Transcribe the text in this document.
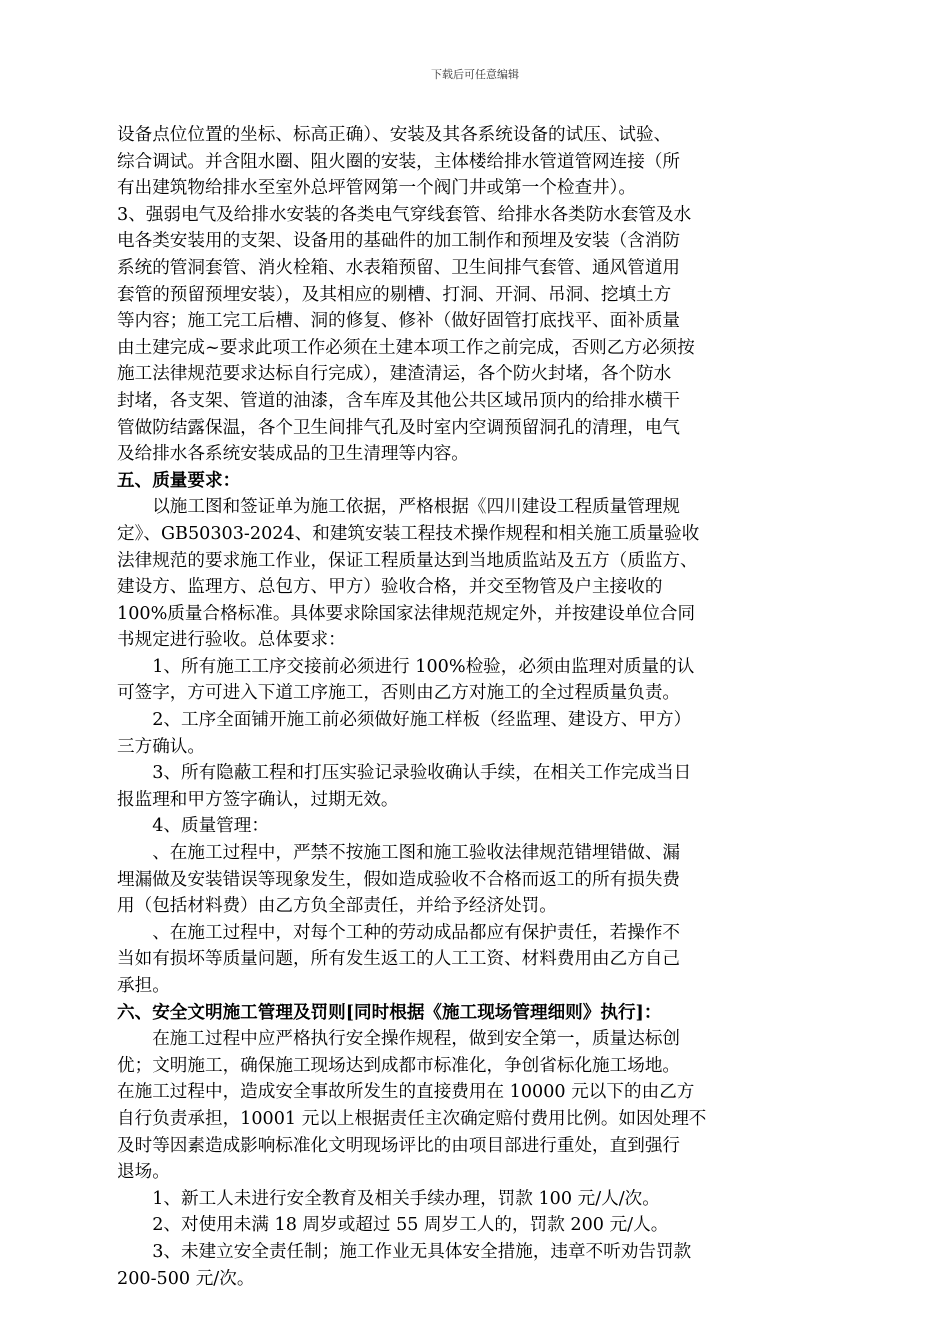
下载后可任意编辑
设备点位位置的坐标、标高正确）、安装及其各系统设备的试压、试验、
综合调试。并含阻水圈、阻火圈的安装，主体楼给排水管道管网连接（所
有出建筑物给排水至室外总坪管网第一个阀门井或第一个检查井）。
3、强弱电气及给排水安装的各类电气穿线套管、给排水各类防水套管及水
电各类安装用的支架、设备用的基础件的加工制作和预埋及安装（含消防
系统的管洞套管、消火栓箱、水表箱预留、卫生间排气套管、通风管道用
套管的预留预埋安装），及其相应的剔槽、打洞、开洞、吊洞、挖填土方
等内容；施工完工后槽、洞的修复、修补（做好固管打底找平、面补质量
由土建完成~要求此项工作必须在土建本项工作之前完成，否则乙方必须按
施工法律规范要求达标自行完成），建渣清运，各个防火封堵，各个防水
封堵，各支架、管道的油漆，含车库及其他公共区域吊顶内的给排水横干
管做防结露保温，各个卫生间排气孔及时室内空调预留洞孔的清理，电气
及给排水各系统安装成品的卫生清理等内容。
五、质量要求：
　　以施工图和签证单为施工依据，严格根据《四川建设工程质量管理规
定》、GB50303-2024、和建筑安装工程技术操作规程和相关施工质量验收
法律规范的要求施工作业，保证工程质量达到当地质监站及五方（质监方、
建设方、监理方、总包方、甲方）验收合格，并交至物管及户主接收的
100%质量合格标准。具体要求除国家法律规范规定外，并按建设单位合同
书规定进行验收。总体要求：
　　1、所有施工工序交接前必须进行 100%检验，必须由监理对质量的认
可签字，方可进入下道工序施工，否则由乙方对施工的全过程质量负责。
　　2、工序全面铺开施工前必须做好施工样板（经监理、建设方、甲方）
三方确认。
　　3、所有隐蔽工程和打压实验记录验收确认手续，在相关工作完成当日
报监理和甲方签字确认，过期无效。
　　4、质量管理：
　　、在施工过程中，严禁不按施工图和施工验收法律规范错埋错做、漏
埋漏做及安装错误等现象发生，假如造成验收不合格而返工的所有损失费
用（包括材料费）由乙方负全部责任，并给予经济处罚。
　　、在施工过程中，对每个工种的劳动成品都应有保护责任，若操作不
当如有损坏等质量问题，所有发生返工的人工工资、材料费用由乙方自己
承担。
六、安全文明施工管理及罚则[同时根据《施工现场管理细则》执行]：
　　在施工过程中应严格执行安全操作规程，做到安全第一，质量达标创
优；文明施工，确保施工现场达到成都市标准化，争创省标化施工场地。
在施工过程中，造成安全事故所发生的直接费用在 10000 元以下的由乙方
自行负责承担，10001 元以上根据责任主次确定赔付费用比例。如因处理不
及时等因素造成影响标准化文明现场评比的由项目部进行重处，直到强行
退场。
　　1、新工人未进行安全教育及相关手续办理，罚款 100 元/人/次。
　　2、对使用未满 18 周岁或超过 55 周岁工人的，罚款 200 元/人。
　　3、未建立安全责任制；施工作业无具体安全措施，违章不听劝告罚款
200-500 元/次。
